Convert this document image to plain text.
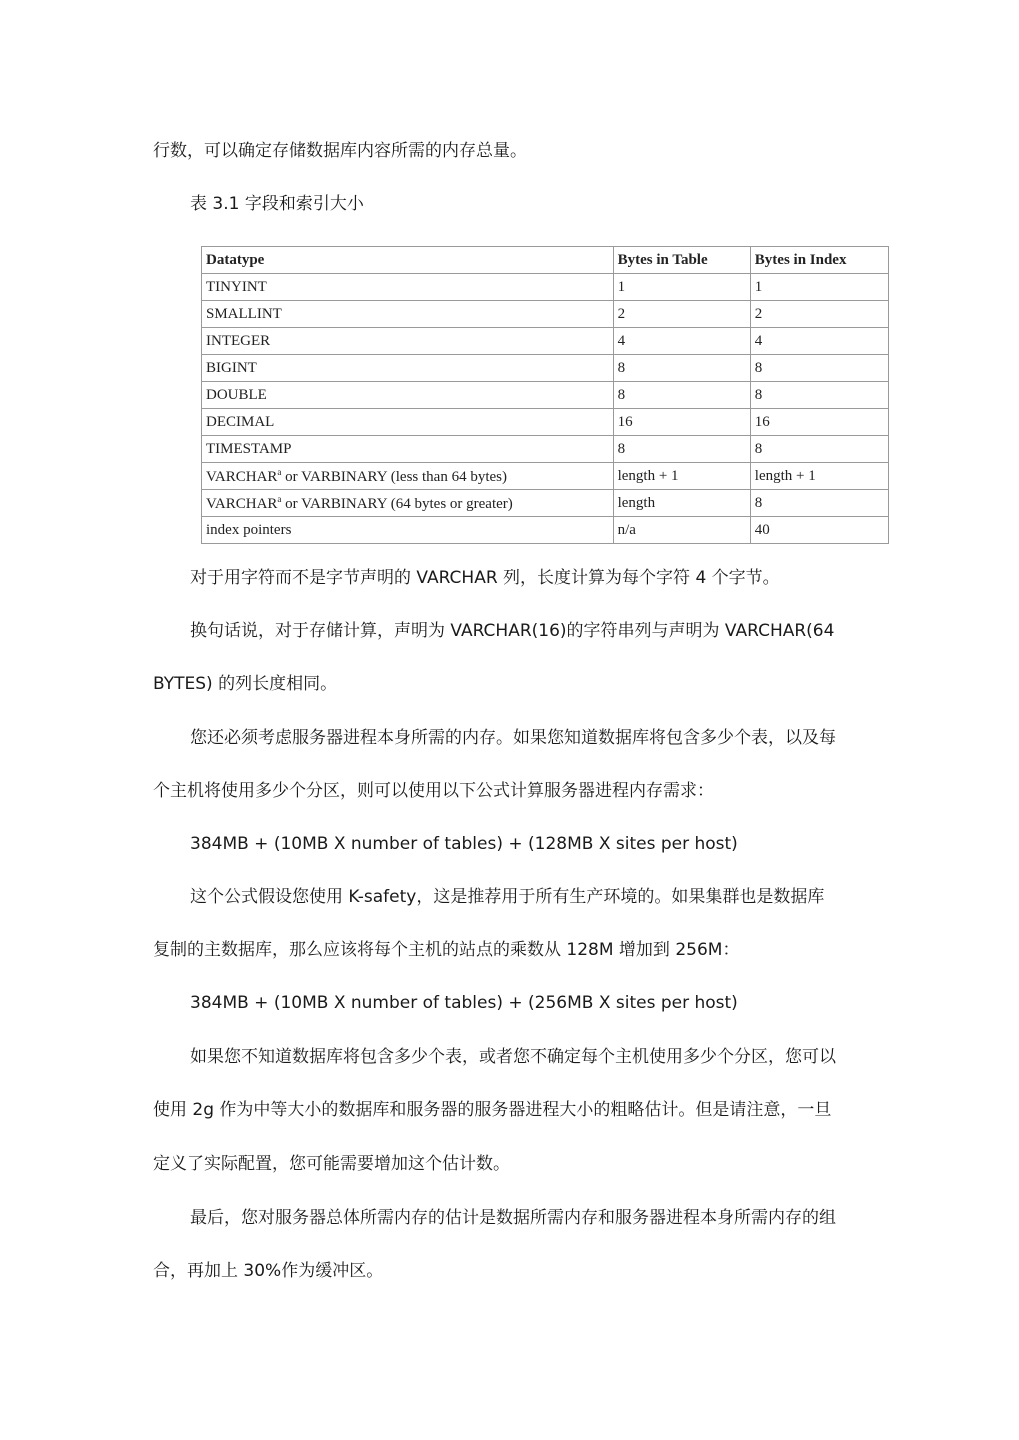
行数，可以确定存储数据库内容所需的内存总量。
表 3.1 字段和索引大小
Datatype	Bytes in Table	Bytes in Index
TINYINT	1	1
SMALLINT	2	2
INTEGER	4	4
BIGINT	8	8
DOUBLE	8	8
DECIMAL	16	16
TIMESTAMP	8	8
VARCHAR$^a$ or VARBINARY (less than 64 bytes)	length + 1	length + 1
VARCHAR$^a$ or VARBINARY (64 bytes or greater)	length	8
index pointers	n/a	40
对于用字符而不是字节声明的 VARCHAR 列，长度计算为每个字符 4 个字节。
换句话说，对于存储计算，声明为 VARCHAR(16)的字符串列与声明为 VARCHAR(64
BYTES) 的列长度相同。
您还必须考虑服务器进程本身所需的内存。如果您知道数据库将包含多少个表，以及每
个主机将使用多少个分区，则可以使用以下公式计算服务器进程内存需求：
384MB + (10MB X number of tables) + (128MB X sites per host)
这个公式假设您使用 K-safety，这是推荐用于所有生产环境的。如果集群也是数据库
复制的主数据库，那么应该将每个主机的站点的乘数从 128M 增加到 256M：
384MB + (10MB X number of tables) + (256MB X sites per host)
如果您不知道数据库将包含多少个表，或者您不确定每个主机使用多少个分区，您可以
使用 2g 作为中等大小的数据库和服务器的服务器进程大小的粗略估计。但是请注意，一旦
定义了实际配置，您可能需要增加这个估计数。
最后，您对服务器总体所需内存的估计是数据所需内存和服务器进程本身所需内存的组
合，再加上 30%作为缓冲区。
